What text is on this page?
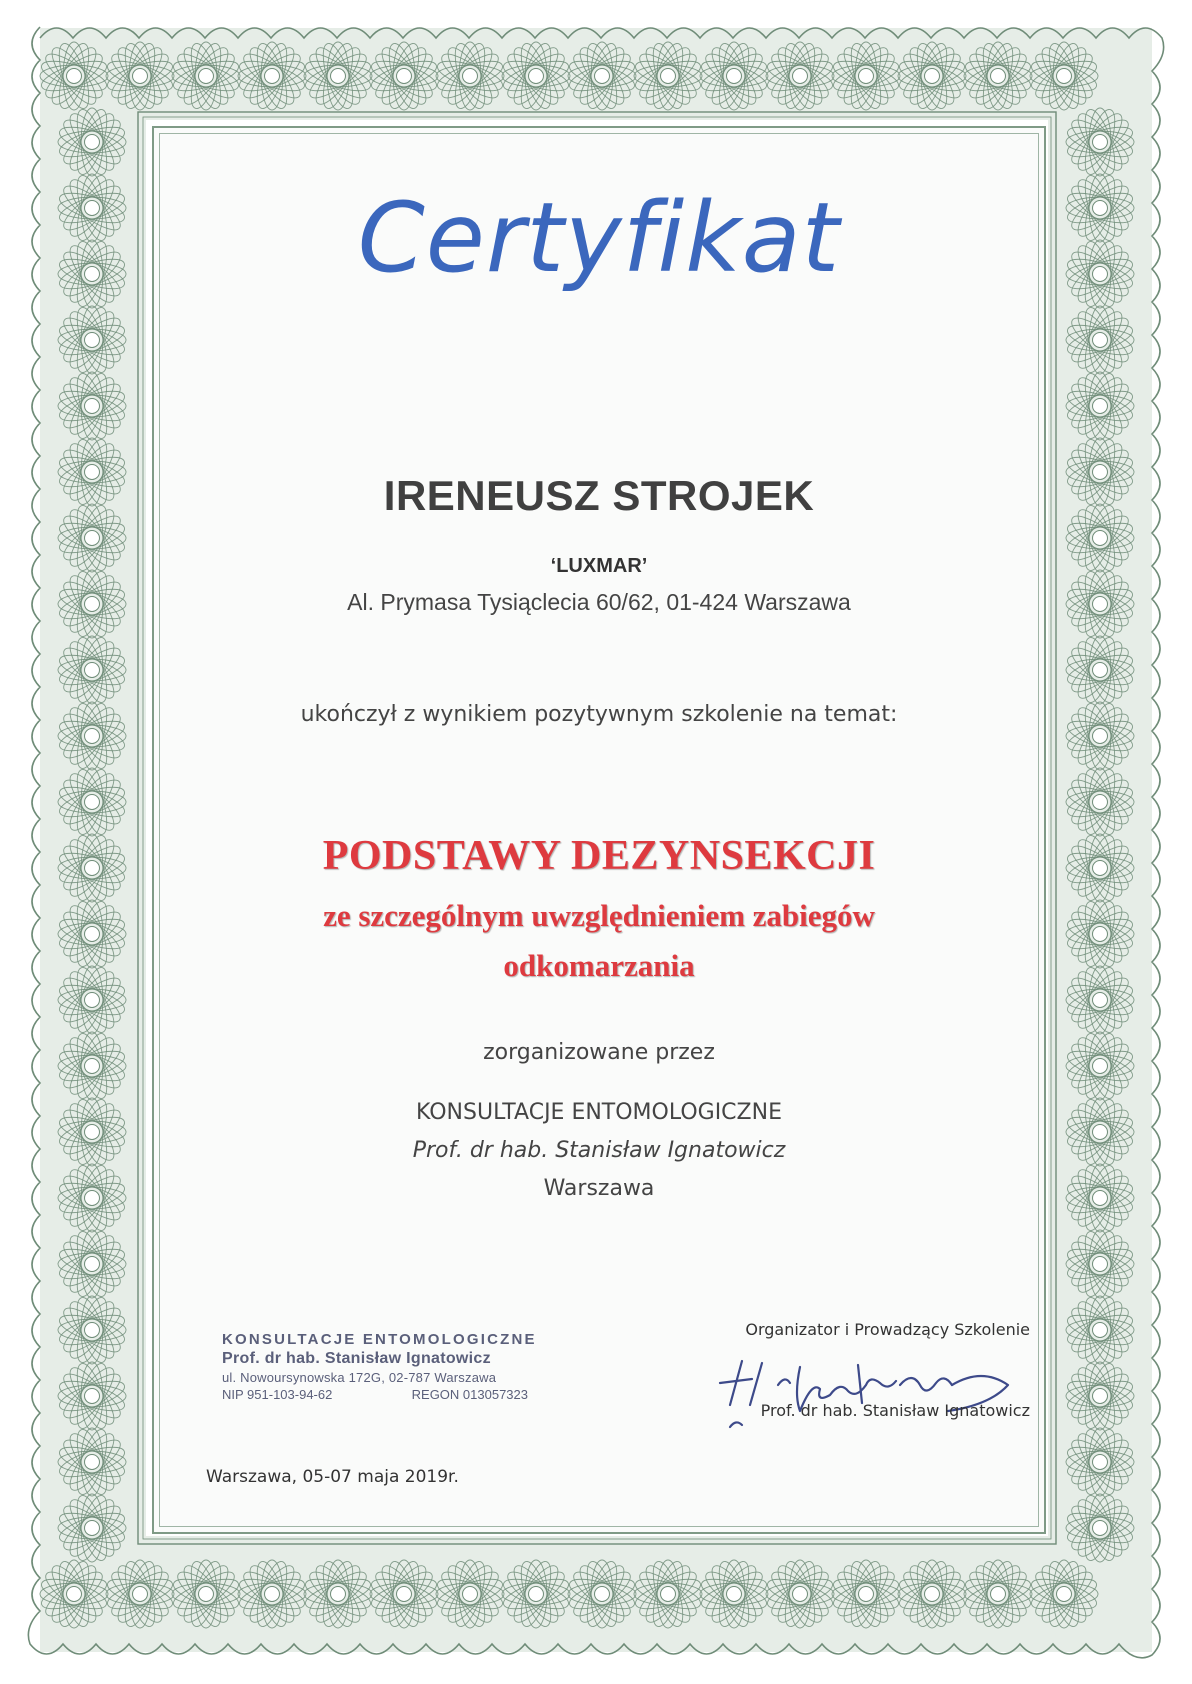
Certyfikat
IRENEUSZ STROJEK
‘LUXMAR’
Al. Prymasa Tysiąclecia 60/62, 01-424 Warszawa
ukończył z wynikiem pozytywnym szkolenie na temat:
PODSTAWY DEZYNSEKCJI
ze szczególnym uwzględnieniem zabiegów
odkomarzania
zorganizowane przez
KONSULTACJE ENTOMOLOGICZNE
Prof. dr hab. Stanisław Ignatowicz
Warszawa
KONSULTACJE ENTOMOLOGICZNE
Prof. dr hab. Stanisław Ignatowicz
ul. Nowoursynowska 172G, 02-787 Warszawa
NIP 951-103-94-62	REGON 013057323
Warszawa, 05-07 maja 2019r.
Organizator i Prowadzący Szkolenie
Prof. dr hab. Stanisław Ignatowicz
